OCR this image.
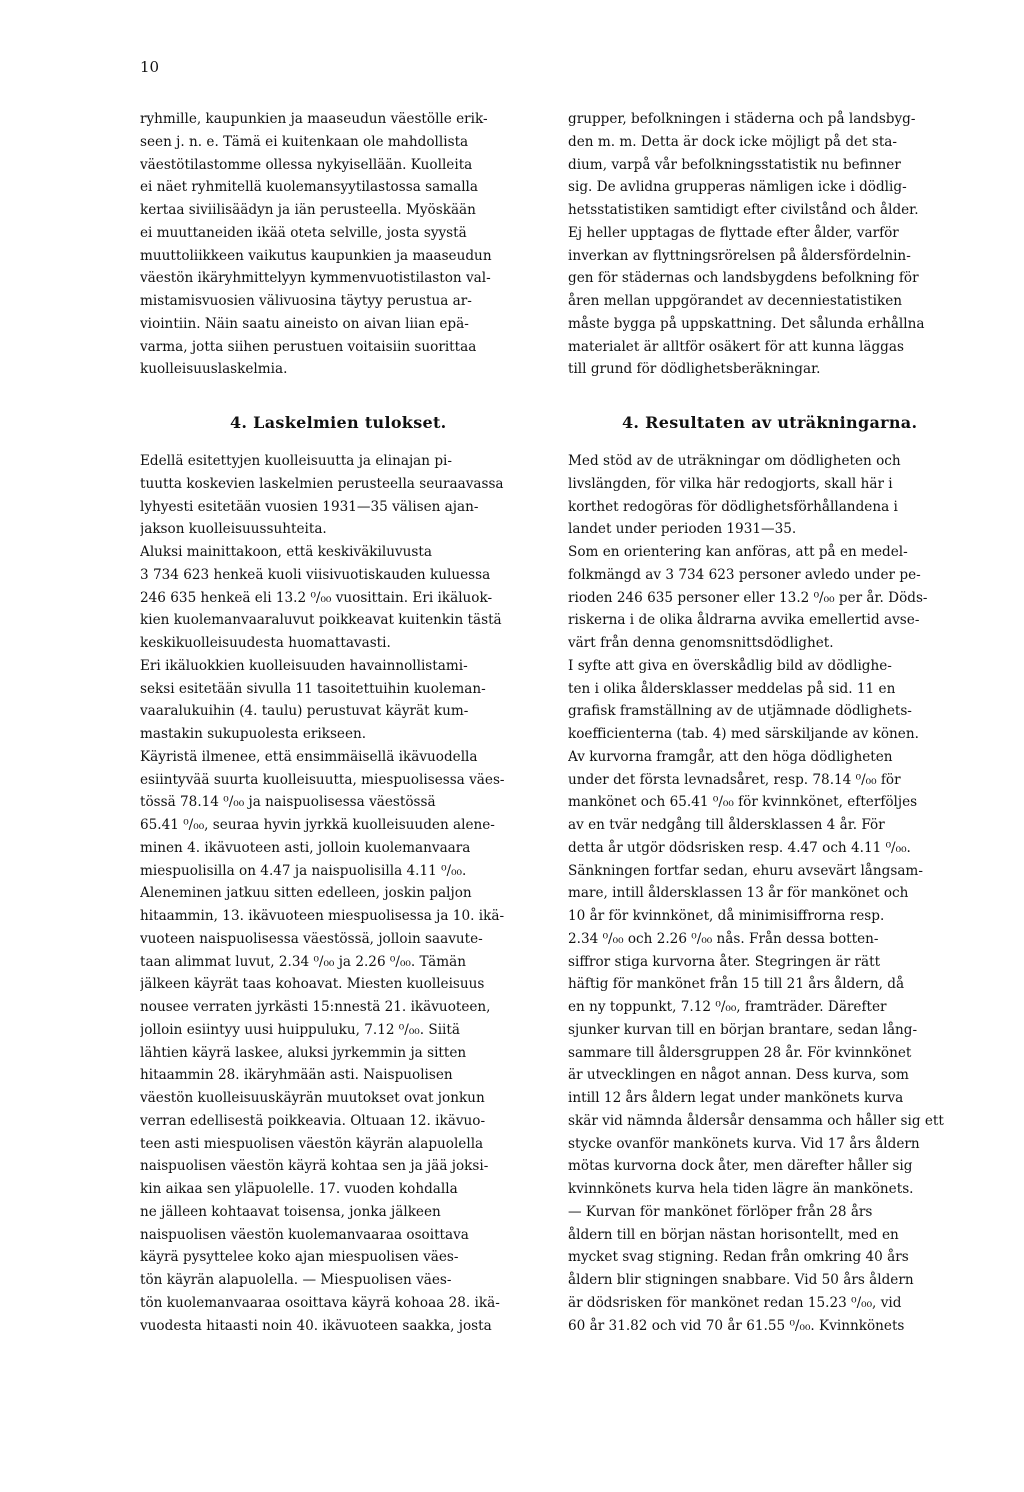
10
ryhmille, kaupunkien ja maaseudun väestölle erik-
seen j. n. e. Tämä ei kuitenkaan ole mahdollista
väestötilastomme ollessa nykyisellään. Kuolleita
ei näet ryhmitellä kuolemansyytilastossa samalla
kertaa siviilisäädyn ja iän perusteella. Myöskään
ei muuttaneiden ikää oteta selville, josta syystä
muuttoliikkeen vaikutus kaupunkien ja maaseudun
väestön ikäryhmittelyyn kymmenvuotistilaston val-
mistamisvuosien välivuosina täytyy perustua ar-
viointiin. Näin saatu aineisto on aivan liian epä-
varma, jotta siihen perustuen voitaisiin suorittaa
kuolleisuuslaskelmia.
grupper, befolkningen i städerna och på landsbyg-
den m. m. Detta är dock icke möjligt på det sta-
dium, varpå vår befolkningsstatistik nu befinner
sig. De avlidna grupperas nämligen icke i dödlig-
hetsstatistiken samtidigt efter civilstånd och ålder.
Ej heller upptagas de flyttade efter ålder, varför
inverkan av flyttningsrörelsen på åldersfördelnin-
gen för städernas och landsbygdens befolkning för
åren mellan uppgörandet av decenniestatistiken
måste bygga på uppskattning. Det sålunda erhållna
materialet är alltför osäkert för att kunna läggas
till grund för dödlighetsberäkningar.
4. Laskelmien tulokset.	4. Resultaten av uträkningarna.
Edellä esitettyjen kuolleisuutta ja elinajan pi-
tuutta koskevien laskelmien perusteella seuraavassa
lyhyesti esitetään vuosien 1931—35 välisen ajan-
jakson kuolleisuussuhteita.
Aluksi mainittakoon, että keskiväkiluvusta
3 734 623 henkeä kuoli viisivuotiskauden kuluessa
246 635 henkeä eli 13.2 ⁰/₀₀ vuosittain. Eri ikäluok-
kien kuolemanvaaraluvut poikkeavat kuitenkin tästä
keskikuolleisuudesta huomattavasti.
Eri ikäluokkien kuolleisuuden havainnollistami-
seksi esitetään sivulla 11 tasoitettuihin kuoleman-
vaaralukuihin (4. taulu) perustuvat käyrät kum-
mastakin sukupuolesta erikseen.
Käyristä ilmenee, että ensimmäisellä ikävuodella
esiintyvää suurta kuolleisuutta, miespuolisessa väes-
tössä 78.14 ⁰/₀₀ ja naispuolisessa väestössä
65.41 ⁰/₀₀, seuraa hyvin jyrkkä kuolleisuuden alene-
minen 4. ikävuoteen asti, jolloin kuolemanvaara
miespuolisilla on 4.47 ja naispuolisilla 4.11 ⁰/₀₀.
Aleneminen jatkuu sitten edelleen, joskin paljon
hitaammin, 13. ikävuoteen miespuolisessa ja 10. ikä-
vuoteen naispuolisessa väestössä, jolloin saavute-
taan alimmat luvut, 2.34 ⁰/₀₀ ja 2.26 ⁰/₀₀. Tämän
jälkeen käyrät taas kohoavat. Miesten kuolleisuus
nousee verraten jyrkästi 15:nnestä 21. ikävuoteen,
jolloin esiintyy uusi huippuluku, 7.12 ⁰/₀₀. Siitä
lähtien käyrä laskee, aluksi jyrkemmin ja sitten
hitaammin 28. ikäryhmään asti. Naispuolisen
väestön kuolleisuuskäyrän muutokset ovat jonkun
verran edellisestä poikkeavia. Oltuaan 12. ikävuo-
teen asti miespuolisen väestön käyrän alapuolella
naispuolisen väestön käyrä kohtaa sen ja jää joksi-
kin aikaa sen yläpuolelle. 17. vuoden kohdalla
ne jälleen kohtaavat toisensa, jonka jälkeen
naispuolisen väestön kuolemanvaaraa osoittava
käyrä pysyttelee koko ajan miespuolisen väes-
tön käyrän alapuolella. — Miespuolisen väes-
tön kuolemanvaaraa osoittava käyrä kohoaa 28. ikä-
vuodesta hitaasti noin 40. ikävuoteen saakka, josta
Med stöd av de uträkningar om dödligheten och
livslängden, för vilka här redogjorts, skall här i
korthet redogöras för dödlighetsförhållandena i
landet under perioden 1931—35.
Som en orientering kan anföras, att på en medel-
folkmängd av 3 734 623 personer avledo under pe-
rioden 246 635 personer eller 13.2 ⁰/₀₀ per år. Döds-
riskerna i de olika åldrarna avvika emellertid avse-
värt från denna genomsnittsdödlighet.
I syfte att giva en överskådlig bild av dödlighe-
ten i olika åldersklasser meddelas på sid. 11 en
grafisk framställning av de utjämnade dödlighets-
koefficienterna (tab. 4) med särskiljande av könen.
Av kurvorna framgår, att den höga dödligheten
under det första levnadsåret, resp. 78.14 ⁰/₀₀ för
mankönet och 65.41 ⁰/₀₀ för kvinnkönet, efterföljes
av en tvär nedgång till åldersklassen 4 år. För
detta år utgör dödsrisken resp. 4.47 och 4.11 ⁰/₀₀.
Sänkningen fortfar sedan, ehuru avsevärt långsam-
mare, intill åldersklassen 13 år för mankönet och
10 år för kvinnkönet, då minimisiffrorna resp.
2.34 ⁰/₀₀ och 2.26 ⁰/₀₀ nås. Från dessa botten-
siffror stiga kurvorna åter. Stegringen är rätt
häftig för mankönet från 15 till 21 års åldern, då
en ny toppunkt, 7.12 ⁰/₀₀, framträder. Därefter
sjunker kurvan till en början brantare, sedan lång-
sammare till åldersgruppen 28 år. För kvinnkönet
är utvecklingen en något annan. Dess kurva, som
intill 12 års åldern legat under mankönets kurva
skär vid nämnda åldersår densamma och håller sig ett
stycke ovanför mankönets kurva. Vid 17 års åldern
mötas kurvorna dock åter, men därefter håller sig
kvinnkönets kurva hela tiden lägre än mankönets.
— Kurvan för mankönet förlöper från 28 års
åldern till en början nästan horisontellt, med en
mycket svag stigning. Redan från omkring 40 års
åldern blir stigningen snabbare. Vid 50 års åldern
är dödsrisken för mankönet redan 15.23 ⁰/₀₀, vid
60 år 31.82 och vid 70 år 61.55 ⁰/₀₀. Kvinnkönets
